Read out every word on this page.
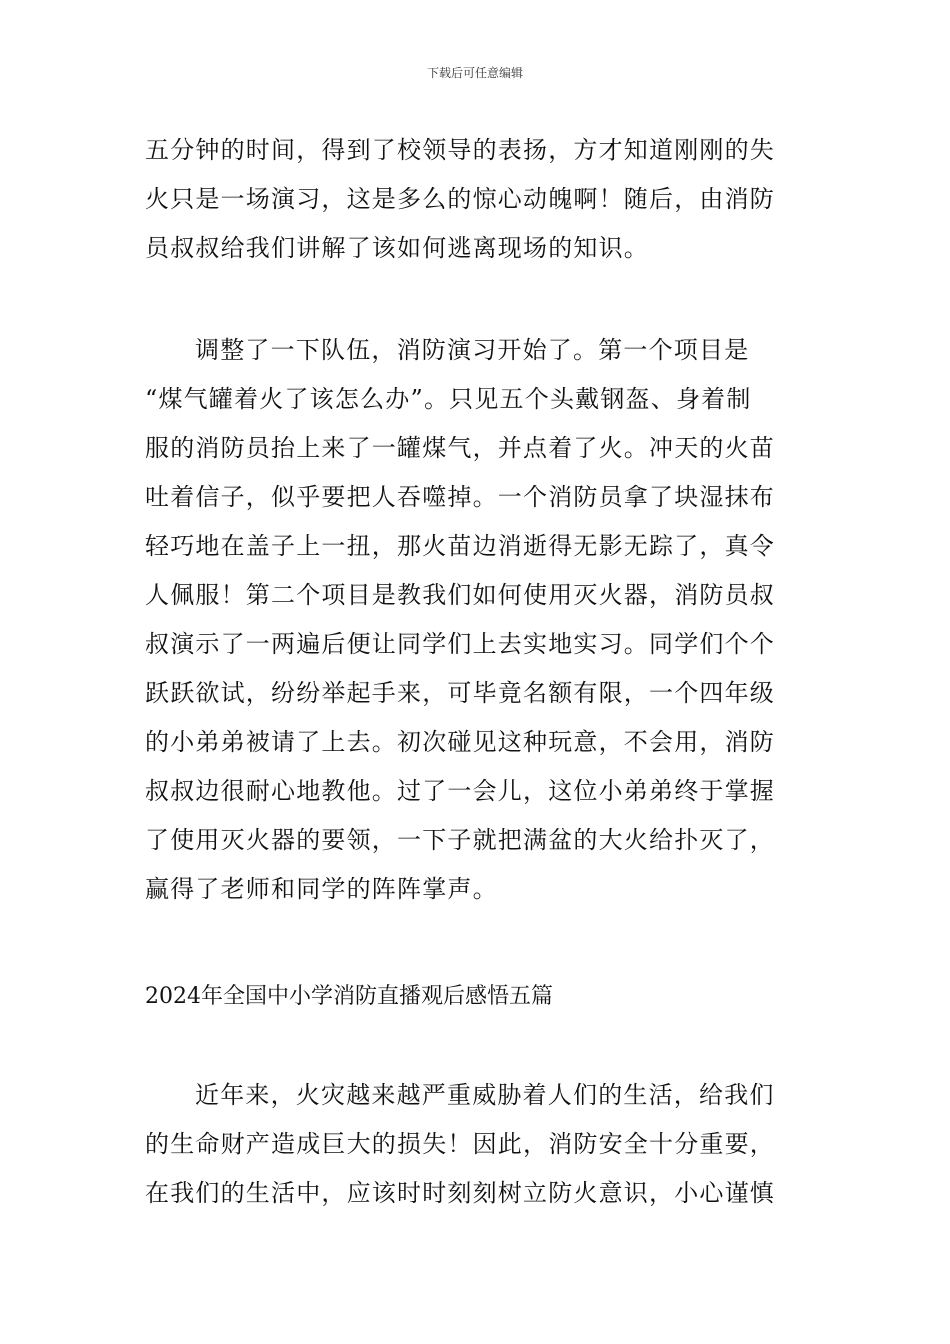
下载后可任意编辑
五分钟的时间，得到了校领导的表扬，方才知道刚刚的失
火只是一场演习，这是多么的惊心动魄啊！随后，由消防
员叔叔给我们讲解了该如何逃离现场的知识。
调整了一下队伍，消防演习开始了。第一个项目是
“煤气罐着火了该怎么办”。只见五个头戴钢盔、身着制
服的消防员抬上来了一罐煤气，并点着了火。冲天的火苗
吐着信子，似乎要把人吞噬掉。一个消防员拿了块湿抹布
轻巧地在盖子上一扭，那火苗边消逝得无影无踪了，真令
人佩服！第二个项目是教我们如何使用灭火器，消防员叔
叔演示了一两遍后便让同学们上去实地实习。同学们个个
跃跃欲试，纷纷举起手来，可毕竟名额有限，一个四年级
的小弟弟被请了上去。初次碰见这种玩意，不会用，消防
叔叔边很耐心地教他。过了一会儿，这位小弟弟终于掌握
了使用灭火器的要领，一下子就把满盆的大火给扑灭了，
赢得了老师和同学的阵阵掌声。
2024年全国中小学消防直播观后感悟五篇
近年来，火灾越来越严重威胁着人们的生活，给我们
的生命财产造成巨大的损失！因此，消防安全十分重要，
在我们的生活中，应该时时刻刻树立防火意识，小心谨慎
